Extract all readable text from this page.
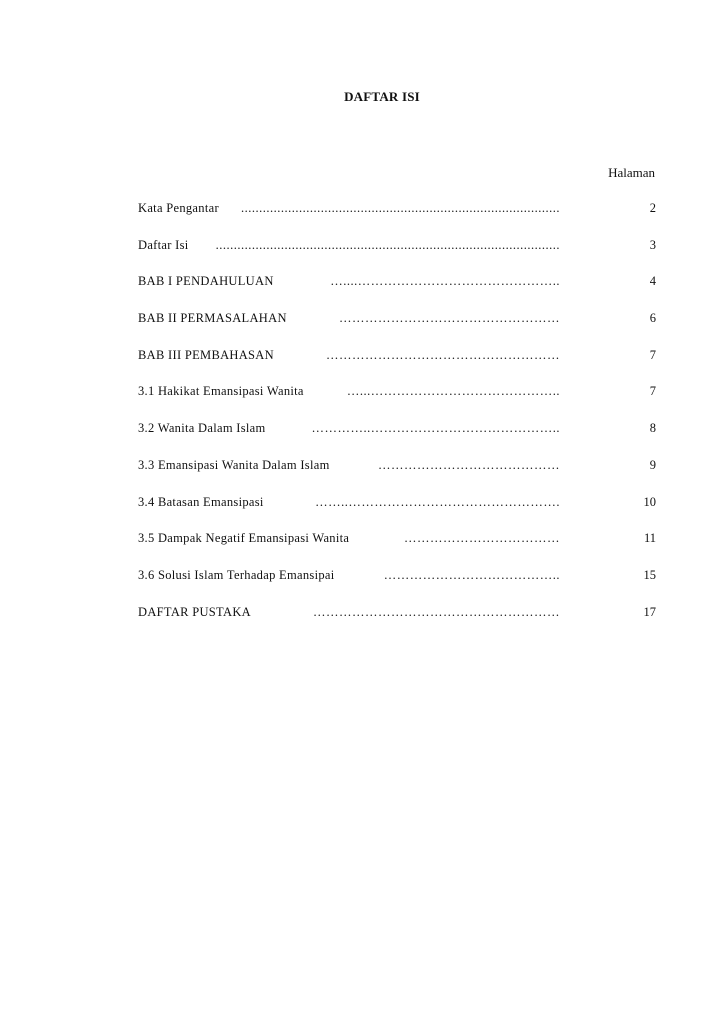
DAFTAR ISI
Halaman
Kata Pengantar	........................................................................................	2
Daftar Isi	...............................................................................................	3
BAB I PENDAHULUAN	…....………………………………………..	4
BAB II PERMASALAHAN	……………………………………………	6
BAB III PEMBAHASAN	………………………………………………	7
3.1 Hakikat Emansipasi Wanita	…...……………………………………..	7
3.2 Wanita Dalam Islam	…………..……………………………………..	8
3.3 Emansipasi Wanita Dalam Islam	……………………………………	9
3.4 Batasan Emansipasi	……..………………………………………….	10
3.5 Dampak Negatif Emansipasi Wanita	………………………………	11
3.6 Solusi Islam Terhadap Emansipai	…………………………………..	15
DAFTAR PUSTAKA	…………………………………………………	17
